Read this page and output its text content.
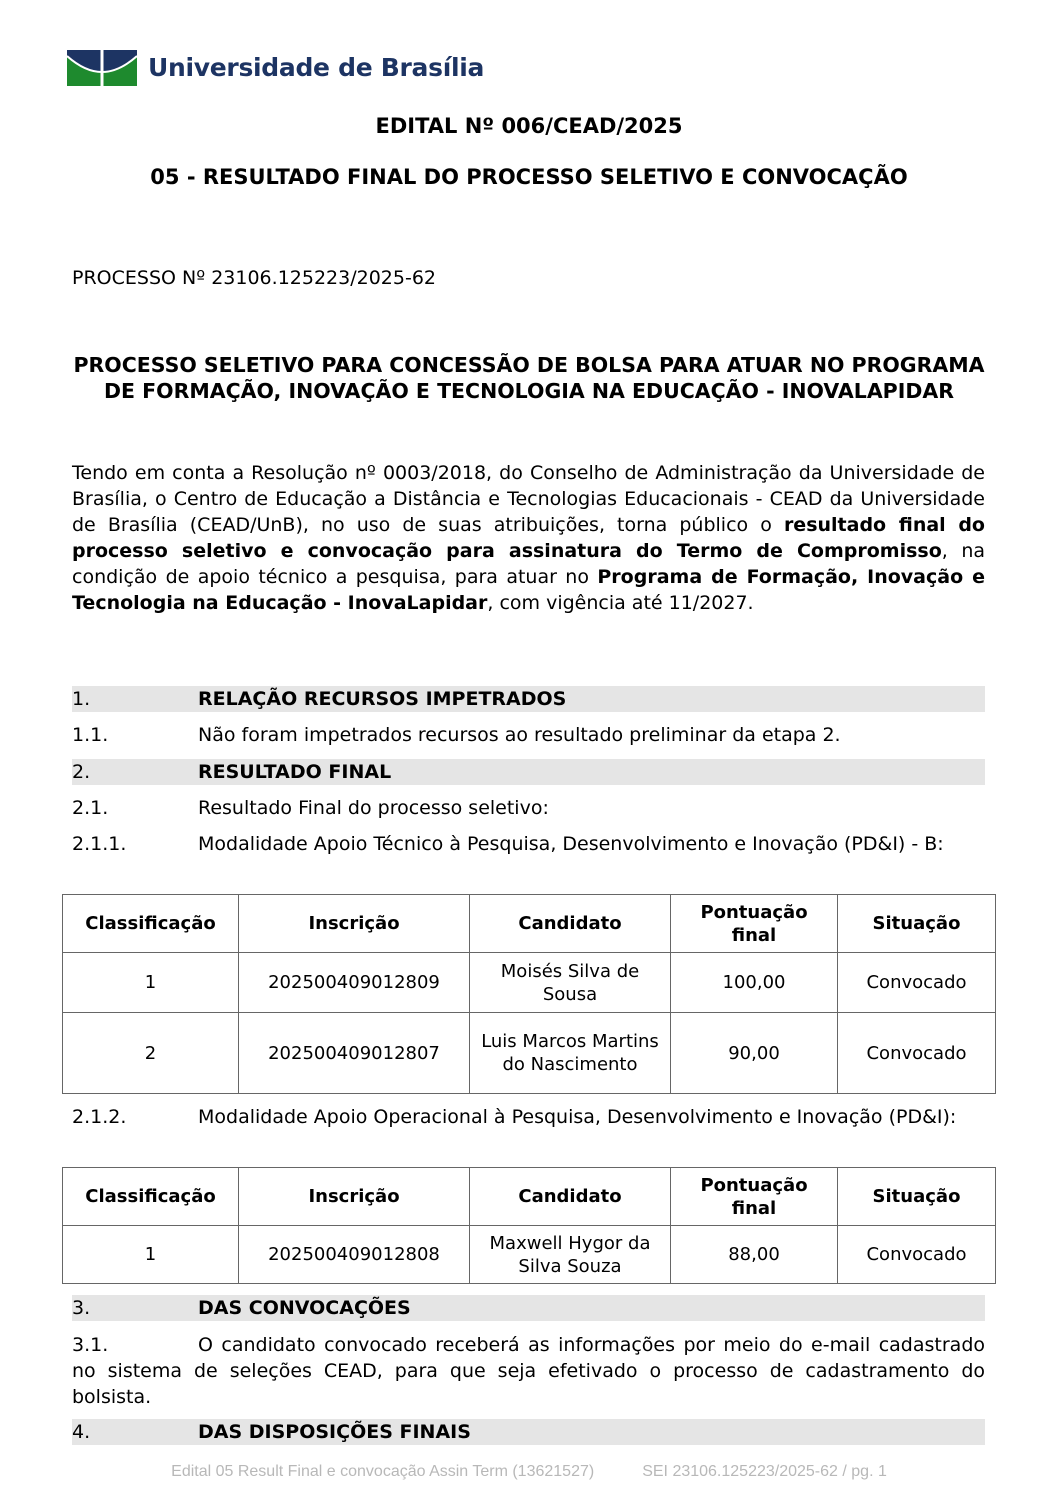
Universidade de Brasília
EDITAL Nº 006/CEAD/2025
05 - RESULTADO FINAL DO PROCESSO SELETIVO E CONVOCAÇÃO
PROCESSO Nº 23106.125223/2025-62
PROCESSO SELETIVO PARA CONCESSÃO DE BOLSA PARA ATUAR NO PROGRAMA DE FORMAÇÃO, INOVAÇÃO E TECNOLOGIA NA EDUCAÇÃO - INOVALAPIDAR
Tendo em conta a Resolução nº 0003/2018, do Conselho de Administração da Universidade de Brasília, o Centro de Educação a Distância e Tecnologias Educacionais - CEAD da Universidade de Brasília (CEAD/UnB), no uso de suas atribuições, torna público o resultado final do processo seletivo e convocação para assinatura do Termo de Compromisso, na condição de apoio técnico a pesquisa, para atuar no Programa de Formação, Inovação e Tecnologia na Educação - InovaLapidar, com vigência até 11/2027.
1.	RELAÇÃO RECURSOS IMPETRADOS
1.1.	Não foram impetrados recursos ao resultado preliminar da etapa 2.
2.	RESULTADO FINAL
2.1.	Resultado Final do processo seletivo:
2.1.1.	Modalidade Apoio Técnico à Pesquisa, Desenvolvimento e Inovação (PD&I) - B:
Classificação	Inscrição	Candidato	Pontuação final	Situação
1	202500409012809	Moisés Silva de Sousa	100,00	Convocado
2	202500409012807	Luis Marcos Martins do Nascimento	90,00	Convocado
2.1.2.	Modalidade Apoio Operacional à Pesquisa, Desenvolvimento e Inovação (PD&I):
Classificação	Inscrição	Candidato	Pontuação final	Situação
1	202500409012808	Maxwell Hygor da Silva Souza	88,00	Convocado
3.	DAS CONVOCAÇÕES
3.1.	O candidato convocado receberá as informações por meio do e-mail cadastrado no sistema de seleções CEAD, para que seja efetivado o processo de cadastramento do bolsista.
4.	DAS DISPOSIÇÕES FINAIS
Edital 05 Result Final e convocação Assin Term (13621527)	SEI 23106.125223/2025-62 / pg. 1
